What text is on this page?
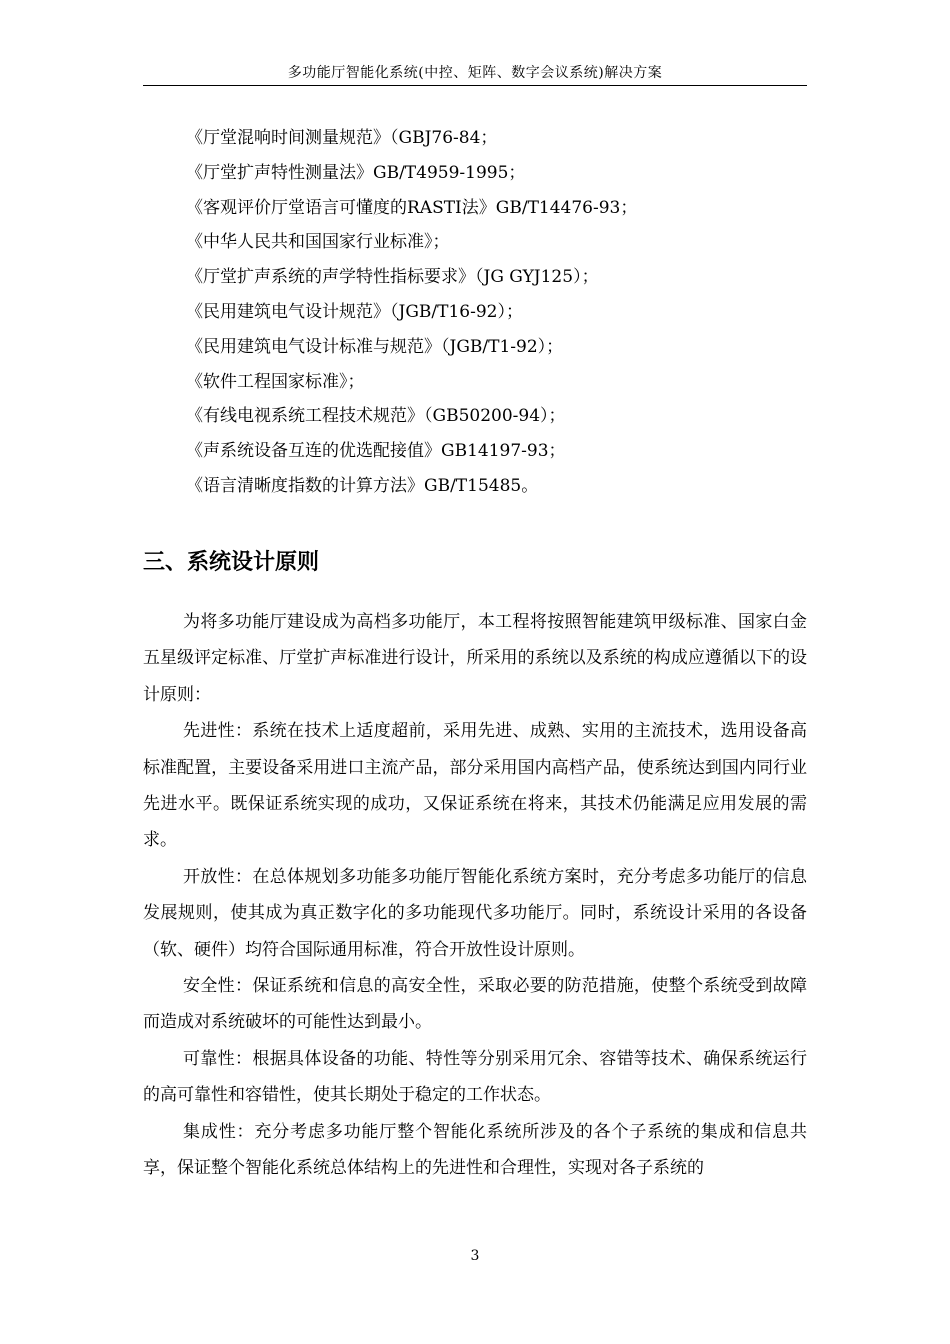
多功能厅智能化系统(中控、矩阵、数字会议系统)解决方案
《厅堂混响时间测量规范》（GBJ76-84；
《厅堂扩声特性测量法》GB/T4959-1995；
《客观评价厅堂语言可懂度的RASTI法》GB/T14476-93；
《中华人民共和国国家行业标准》；
《厅堂扩声系统的声学特性指标要求》（JG GYJ125）；
《民用建筑电气设计规范》（JGB/T16-92）；
《民用建筑电气设计标准与规范》（JGB/T1-92）；
《软件工程国家标准》；
《有线电视系统工程技术规范》（GB50200-94）；
《声系统设备互连的优选配接值》GB14197-93；
《语言清晰度指数的计算方法》GB/T15485。
三、系统设计原则

为将多功能厅建设成为高档多功能厅，本工程将按照智能建筑甲级标准、国家白金五星级评定标准、厅堂扩声标准进行设计，所采用的系统以及系统的构成应遵循以下的设计原则：

先进性：系统在技术上适度超前，采用先进、成熟、实用的主流技术，选用设备高标准配置，主要设备采用进口主流产品，部分采用国内高档产品，使系统达到国内同行业先进水平。既保证系统实现的成功，又保证系统在将来，其技术仍能满足应用发展的需求。

开放性：在总体规划多功能多功能厅智能化系统方案时，充分考虑多功能厅的信息发展规则，使其成为真正数字化的多功能现代多功能厅。同时，系统设计采用的各设备（软、硬件）均符合国际通用标准，符合开放性设计原则。

安全性：保证系统和信息的高安全性，采取必要的防范措施，使整个系统受到故障而造成对系统破坏的可能性达到最小。

可靠性：根据具体设备的功能、特性等分别采用冗余、容错等技术、确保系统运行的高可靠性和容错性，使其长期处于稳定的工作状态。

集成性：充分考虑多功能厅整个智能化系统所涉及的各个子系统的集成和信息共享，保证整个智能化系统总体结构上的先进性和合理性，实现对各子系统的

3
